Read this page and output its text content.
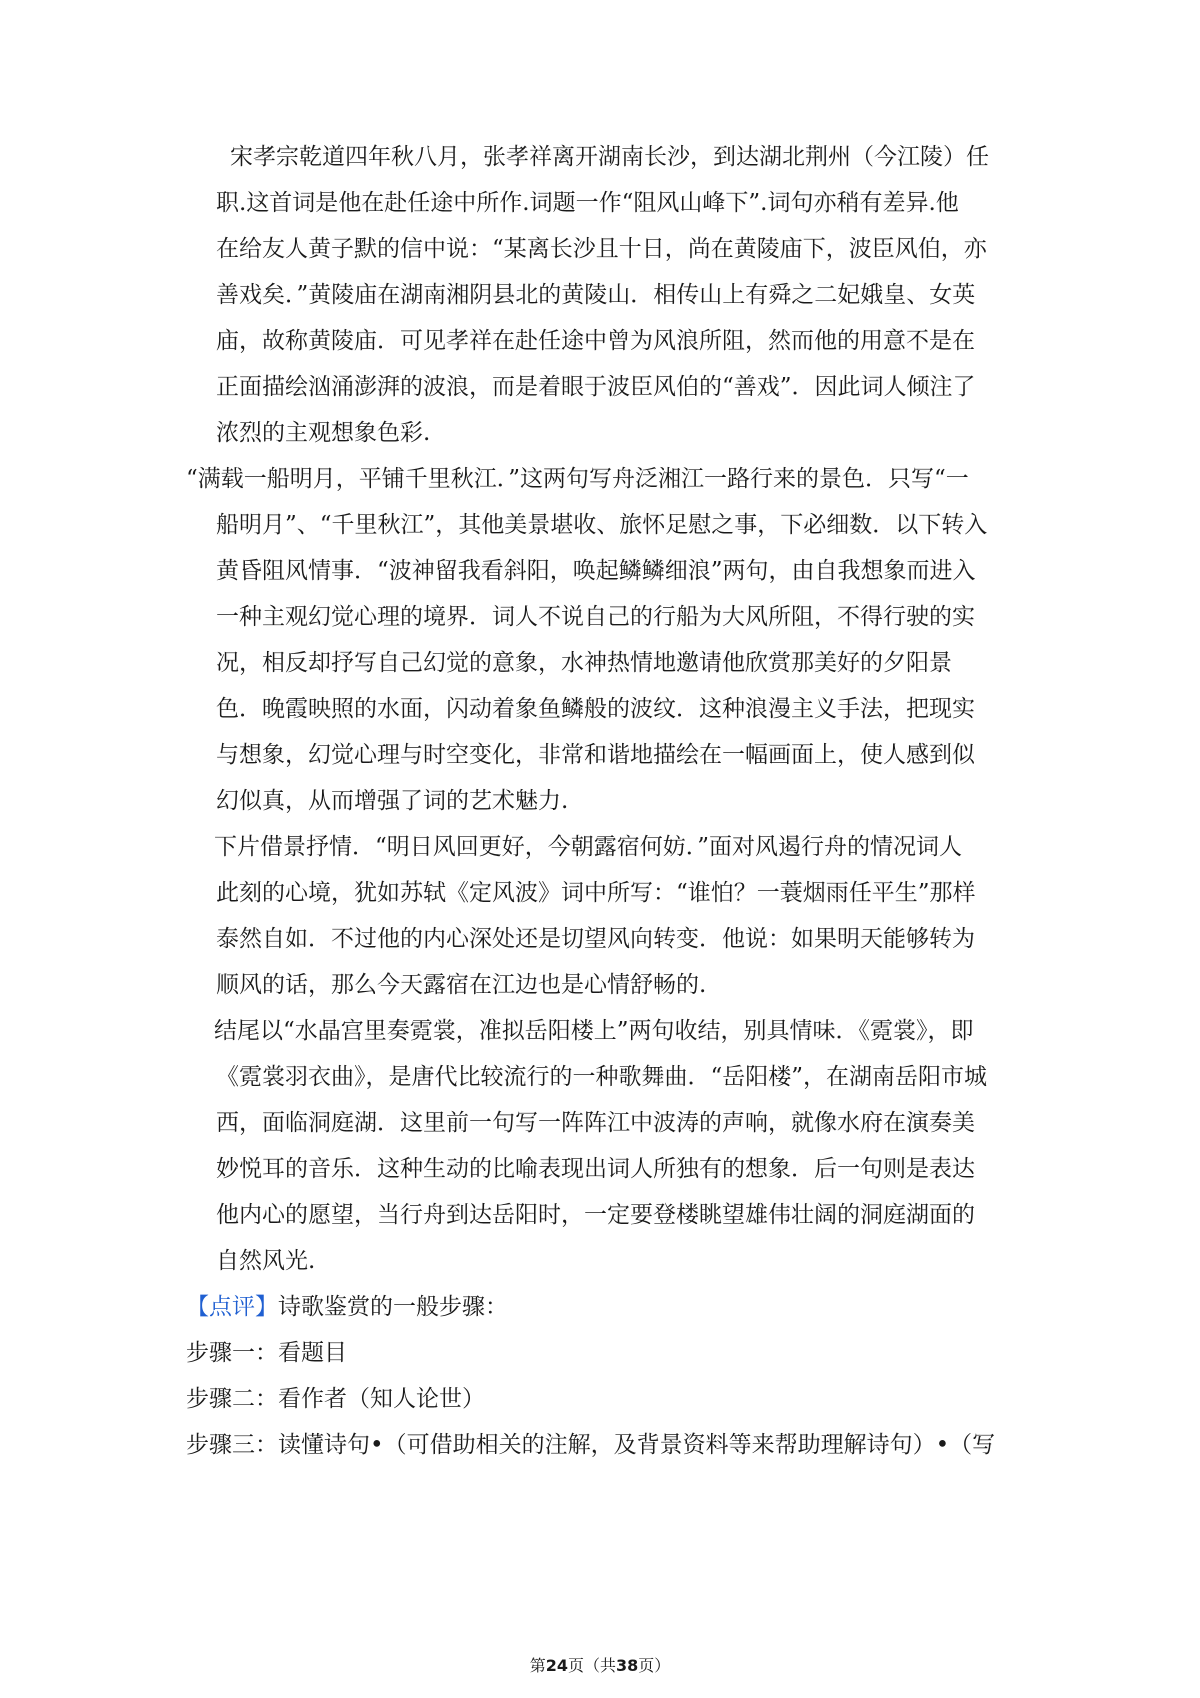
宋孝宗乾道四年秋八月，张孝祥离开湖南长沙，到达湖北荆州（今江陵）任
职.这首词是他在赴任途中所作.词题一作“阻风山峰下”.词句亦稍有差异.他
在给友人黄子默的信中说：“某离长沙且十日，尚在黄陵庙下，波臣风伯，亦
善戏矣．”黄陵庙在湖南湘阴县北的黄陵山．相传山上有舜之二妃娥皇、女英
庙，故称黄陵庙．可见孝祥在赴任途中曾为风浪所阻，然而他的用意不是在
正面描绘汹涌澎湃的波浪，而是着眼于波臣风伯的“善戏”．因此词人倾注了
浓烈的主观想象色彩.
“满载一船明月，平铺千里秋江．”这两句写舟泛湘江一路行来的景色．只写“一
船明月”、“千里秋江”，其他美景堪收、旅怀足慰之事，下必细数．以下转入
黄昏阻风情事．“波神留我看斜阳，唤起鳞鳞细浪”两句，由自我想象而进入
一种主观幻觉心理的境界．词人不说自己的行船为大风所阻，不得行驶的实
况，相反却抒写自己幻觉的意象，水神热情地邀请他欣赏那美好的夕阳景
色．晚霞映照的水面，闪动着象鱼鳞般的波纹．这种浪漫主义手法，把现实
与想象，幻觉心理与时空变化，非常和谐地描绘在一幅画面上，使人感到似
幻似真，从而增强了词的艺术魅力.
下片借景抒情．“明日风回更好，今朝露宿何妨．”面对风遏行舟的情况词人
此刻的心境，犹如苏轼《定风波》词中所写：“谁怕？一蓑烟雨任平生”那样
泰然自如．不过他的内心深处还是切望风向转变．他说：如果明天能够转为
顺风的话，那么今天露宿在江边也是心情舒畅的.
结尾以“水晶宫里奏霓裳，准拟岳阳楼上”两句收结，别具情味．《霓裳》，即
《霓裳羽衣曲》，是唐代比较流行的一种歌舞曲．“岳阳楼”，在湖南岳阳市城
西，面临洞庭湖．这里前一句写一阵阵江中波涛的声响，就像水府在演奏美
妙悦耳的音乐．这种生动的比喻表现出词人所独有的想象．后一句则是表达
他内心的愿望，当行舟到达岳阳时，一定要登楼眺望雄伟壮阔的洞庭湖面的
自然风光.
【点评】诗歌鉴赏的一般步骤：
步骤一：看题目
步骤二：看作者（知人论世）
步骤三：读懂诗句•（可借助相关的注解，及背景资料等来帮助理解诗句）•（写
第24页（共38页）
